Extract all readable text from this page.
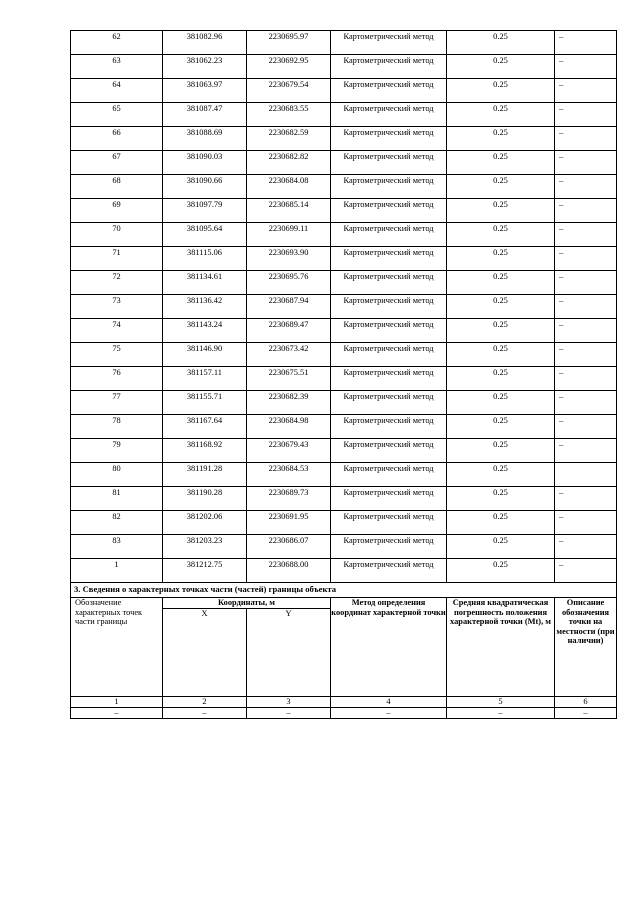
62	381082.96	2230695.97	Картометрический метод	0.25	–
63	381062.23	2230692.95	Картометрический метод	0.25	–
64	381063.97	2230679.54	Картометрический метод	0.25	–
65	381087.47	2230683.55	Картометрический метод	0.25	–
66	381088.69	2230682.59	Картометрический метод	0.25	–
67	381090.03	2230682.82	Картометрический метод	0.25	–
68	381090.66	2230684.08	Картометрический метод	0.25	–
69	381097.79	2230685.14	Картометрический метод	0.25	–
70	381095.64	2230699.11	Картометрический метод	0.25	–
71	381115.06	2230693.90	Картометрический метод	0.25	–
72	381134.61	2230695.76	Картометрический метод	0.25	–
73	381136.42	2230687.94	Картометрический метод	0.25	–
74	381143.24	2230689.47	Картометрический метод	0.25	–
75	381146.90	2230673.42	Картометрический метод	0.25	–
76	381157.11	2230675.51	Картометрический метод	0.25	–
77	381155.71	2230682.39	Картометрический метод	0.25	–
78	381167.64	2230684.98	Картометрический метод	0.25	–
79	381168.92	2230679.43	Картометрический метод	0.25	–
80	381191.28	2230684.53	Картометрический метод	0.25	
81	381190.28	2230689.73	Картометрический метод	0.25	–
82	381202.06	2230691.95	Картометрический метод	0.25	–
83	381203.23	2230686.07	Картометрический метод	0.25	–
1	381212.75	2230688.00	Картометрический метод	0.25	–
3. Сведения о характерных точках части (частей) границы объекта					
Обозначение характерных точек части границы	Координаты, м		Метод определения координат характерной точки	Средняя квадратическая погрешность положения характерной точки (Мt), м	Описание обозначения точки на местности (при наличии)
	X	Y			
1	2	3	4	5	6
–	–	–	–	–	–
